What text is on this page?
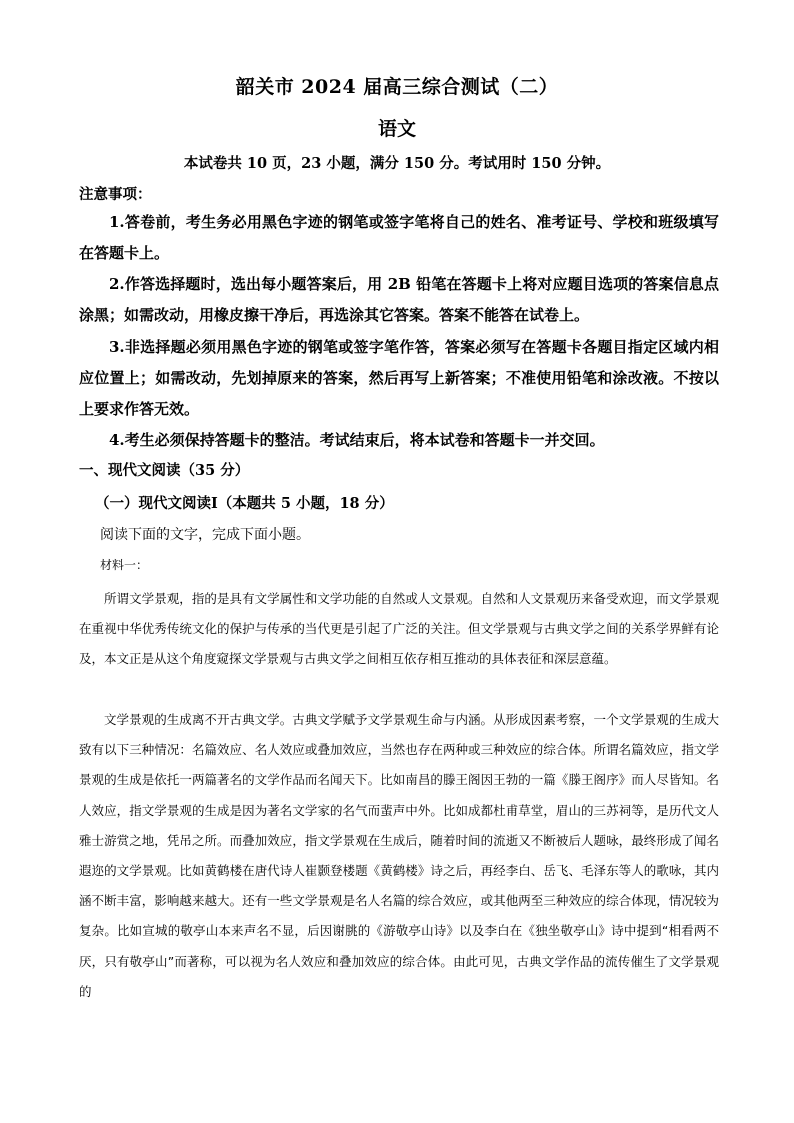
韶关市 2024 届高三综合测试（二）
语文
本试卷共 10 页，23 小题，满分 150 分。考试用时 150 分钟。
注意事项：
1.答卷前，考生务必用黑色字迹的钢笔或签字笔将自己的姓名、准考证号、学校和班级填写在答题卡上。
2.作答选择题时，选出每小题答案后，用 2B 铅笔在答题卡上将对应题目选项的答案信息点涂黑；如需改动，用橡皮擦干净后，再选涂其它答案。答案不能答在试卷上。
3.非选择题必须用黑色字迹的钢笔或签字笔作答，答案必须写在答题卡各题目指定区域内相应位置上；如需改动，先划掉原来的答案，然后再写上新答案；不准使用铅笔和涂改液。不按以上要求作答无效。
4.考生必须保持答题卡的整洁。考试结束后，将本试卷和答题卡一并交回。
一、现代文阅读（35 分）
（一）现代文阅读Ⅰ（本题共 5 小题，18 分）
阅读下面的文字，完成下面小题。
材料一：
所谓文学景观，指的是具有文学属性和文学功能的自然或人文景观。自然和人文景观历来备受欢迎，而文学景观在重视中华优秀传统文化的保护与传承的当代更是引起了广泛的关注。但文学景观与古典文学之间的关系学界鲜有论及，本文正是从这个角度窥探文学景观与古典文学之间相互依存相互推动的具体表征和深层意蕴。
文学景观的生成离不开古典文学。古典文学赋予文学景观生命与内涵。从形成因素考察，一个文学景观的生成大致有以下三种情况：名篇效应、名人效应或叠加效应，当然也存在两种或三种效应的综合体。所谓名篇效应，指文学景观的生成是依托一两篇著名的文学作品而名闻天下。比如南昌的滕王阁因王勃的一篇《滕王阁序》而人尽皆知。名人效应，指文学景观的生成是因为著名文学家的名气而蜚声中外。比如成都杜甫草堂，眉山的三苏祠等，是历代文人雅士游赏之地，凭吊之所。而叠加效应，指文学景观在生成后，随着时间的流逝又不断被后人题咏，最终形成了闻名遐迩的文学景观。比如黄鹤楼在唐代诗人崔颢登楼题《黄鹤楼》诗之后，再经李白、岳飞、毛泽东等人的歌咏，其内涵不断丰富，影响越来越大。还有一些文学景观是名人名篇的综合效应，或其他两至三种效应的综合体现，情况较为复杂。比如宣城的敬亭山本来声名不显，后因谢朓的《游敬亭山诗》以及李白在《独坐敬亭山》诗中提到“相看两不厌，只有敬亭山”而著称，可以视为名人效应和叠加效应的综合体。由此可见，古典文学作品的流传催生了文学景观的
